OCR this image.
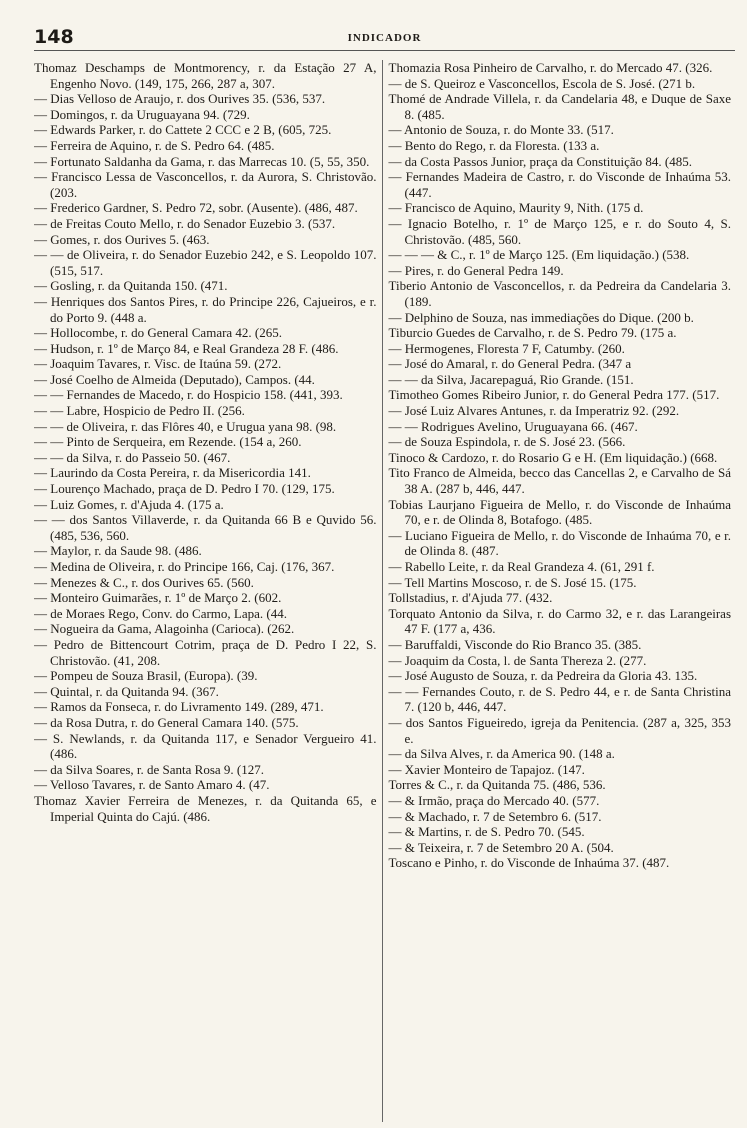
148	INDICADOR

Thomaz Deschamps de Montmorency, r. da Estação 27 A, Engenho Novo. (149, 175, 266, 287 a, 307.

— Dias Velloso de Araujo, r. dos Ourives 35. (536, 537.

— Domingos, r. da Uruguayana 94. (729.

— Edwards Parker, r. do Cattete 2 CCC e 2 B, (605, 725.

— Ferreira de Aquino, r. de S. Pedro 64. (485.

— Fortunato Saldanha da Gama, r. das Marrecas 10. (5, 55, 350.

— Francisco Lessa de Vasconcellos, r. da Aurora, S. Christovão. (203.

— Frederico Gardner, S. Pedro 72, sobr. (Ausente). (486, 487.

— de Freitas Couto Mello, r. do Senador Euzebio 3. (537.

— Gomes, r. dos Ourives 5. (463.

— — de Oliveira, r. do Senador Euzebio 242, e S. Leopoldo 107. (515, 517.

— Gosling, r. da Quitanda 150. (471.

— Henriques dos Santos Pires, r. do Principe 226, Cajueiros, e r. do Porto 9. (448 a.

— Hollocombe, r. do General Camara 42. (265.

— Hudson, r. 1º de Março 84, e Real Grandeza 28 F. (486.

— Joaquim Tavares, r. Visc. de Itaúna 59. (272.

— José Coelho de Almeida (Deputado), Campos. (44.

— — Fernandes de Macedo, r. do Hospicio 158. (441, 393.

— — Labre, Hospicio de Pedro II. (256.

— — de Oliveira, r. das Flôres 40, e Urugua yana 98. (98.

— — Pinto de Serqueira, em Rezende. (154 a, 260.

— — da Silva, r. do Passeio 50. (467.

— Laurindo da Costa Pereira, r. da Misericordia 141.

— Lourenço Machado, praça de D. Pedro I 70. (129, 175.

— Luiz Gomes, r. d'Ajuda 4. (175 a.

— — dos Santos Villaverde, r. da Quitanda 66 B e Quvido 56. (485, 536, 560.

— Maylor, r. da Saude 98. (486.

— Medina de Oliveira, r. do Principe 166, Caj. (176, 367.

— Menezes & C., r. dos Ourives 65. (560.

— Monteiro Guimarães, r. 1º de Março 2. (602.

— de Moraes Rego, Conv. do Carmo, Lapa. (44.

— Nogueira da Gama, Alagoinha (Carioca). (262.

— Pedro de Bittencourt Cotrim, praça de D. Pedro I 22, S. Christovão. (41, 208.

— Pompeu de Souza Brasil, (Europa). (39.

— Quintal, r. da Quitanda 94. (367.

— Ramos da Fonseca, r. do Livramento 149. (289, 471.

— da Rosa Dutra, r. do General Camara 140. (575.

— S. Newlands, r. da Quitanda 117, e Senador Vergueiro 41. (486.

— da Silva Soares, r. de Santa Rosa 9. (127.

— Velloso Tavares, r. de Santo Amaro 4. (47.

Thomaz Xavier Ferreira de Menezes, r. da Quitanda 65, e Imperial Quinta do Cajú. (486.

Thomazia Rosa Pinheiro de Carvalho, r. do Mercado 47. (326.

— de S. Queiroz e Vasconcellos, Escola de S. José. (271 b.

Thomé de Andrade Villela, r. da Candelaria 48, e Duque de Saxe 8. (485.

— Antonio de Souza, r. do Monte 33. (517.

— Bento do Rego, r. da Floresta. (133 a.

— da Costa Passos Junior, praça da Constituição 84. (485.

— Fernandes Madeira de Castro, r. do Visconde de Inhaúma 53. (447.

— Francisco de Aquino, Maurity 9, Nith. (175 d.

— Ignacio Botelho, r. 1º de Março 125, e r. do Souto 4, S. Christovão. (485, 560.

— — — & C., r. 1º de Março 125. (Em liquidação.) (538.

— Pires, r. do General Pedra 149.

Tiberio Antonio de Vasconcellos, r. da Pedreira da Candelaria 3. (189.

— Delphino de Souza, nas immediações do Dique. (200 b.

Tiburcio Guedes de Carvalho, r. de S. Pedro 79. (175 a.

— Hermogenes, Floresta 7 F, Catumby. (260.

— José do Amaral, r. do General Pedra. (347 a

— — da Silva, Jacarepaguá, Rio Grande. (151.

Timotheo Gomes Ribeiro Junior, r. do General Pedra 177. (517.

— José Luiz Alvares Antunes, r. da Imperatriz 92. (292.

— — Rodrigues Avelino, Uruguayana 66. (467.

— de Souza Espindola, r. de S. José 23. (566.

Tinoco & Cardozo, r. do Rosario G e H. (Em liquidação.) (668.

Tito Franco de Almeida, becco das Cancellas 2, e Carvalho de Sá 38 A. (287 b, 446, 447.

Tobias Laurjano Figueira de Mello, r. do Visconde de Inhaúma 70, e r. de Olinda 8, Botafogo. (485.

— Luciano Figueira de Mello, r. do Visconde de Inhaúma 70, e r. de Olinda 8. (487.

— Rabello Leite, r. da Real Grandeza 4. (61, 291 f.

— Tell Martins Moscoso, r. de S. José 15. (175.

Tollstadius, r. d'Ajuda 77. (432.

Torquato Antonio da Silva, r. do Carmo 32, e r. das Larangeiras 47 F. (177 a, 436.

— Baruffaldi, Visconde do Rio Branco 35. (385.

— Joaquim da Costa, l. de Santa Thereza 2. (277.

— José Augusto de Souza, r. da Pedreira da Gloria 43. 135.

— — Fernandes Couto, r. de S. Pedro 44, e r. de Santa Christina 7. (120 b, 446, 447.

— dos Santos Figueiredo, igreja da Penitencia. (287 a, 325, 353 e.

— da Silva Alves, r. da America 90. (148 a.

— Xavier Monteiro de Tapajoz. (147.

Torres & C., r. da Quitanda 75. (486, 536.

— & Irmão, praça do Mercado 40. (577.

— & Machado, r. 7 de Setembro 6. (517.

— & Martins, r. de S. Pedro 70. (545.

— & Teixeira, r. 7 de Setembro 20 A. (504.

Toscano e Pinho, r. do Visconde de Inhaúma 37. (487.
